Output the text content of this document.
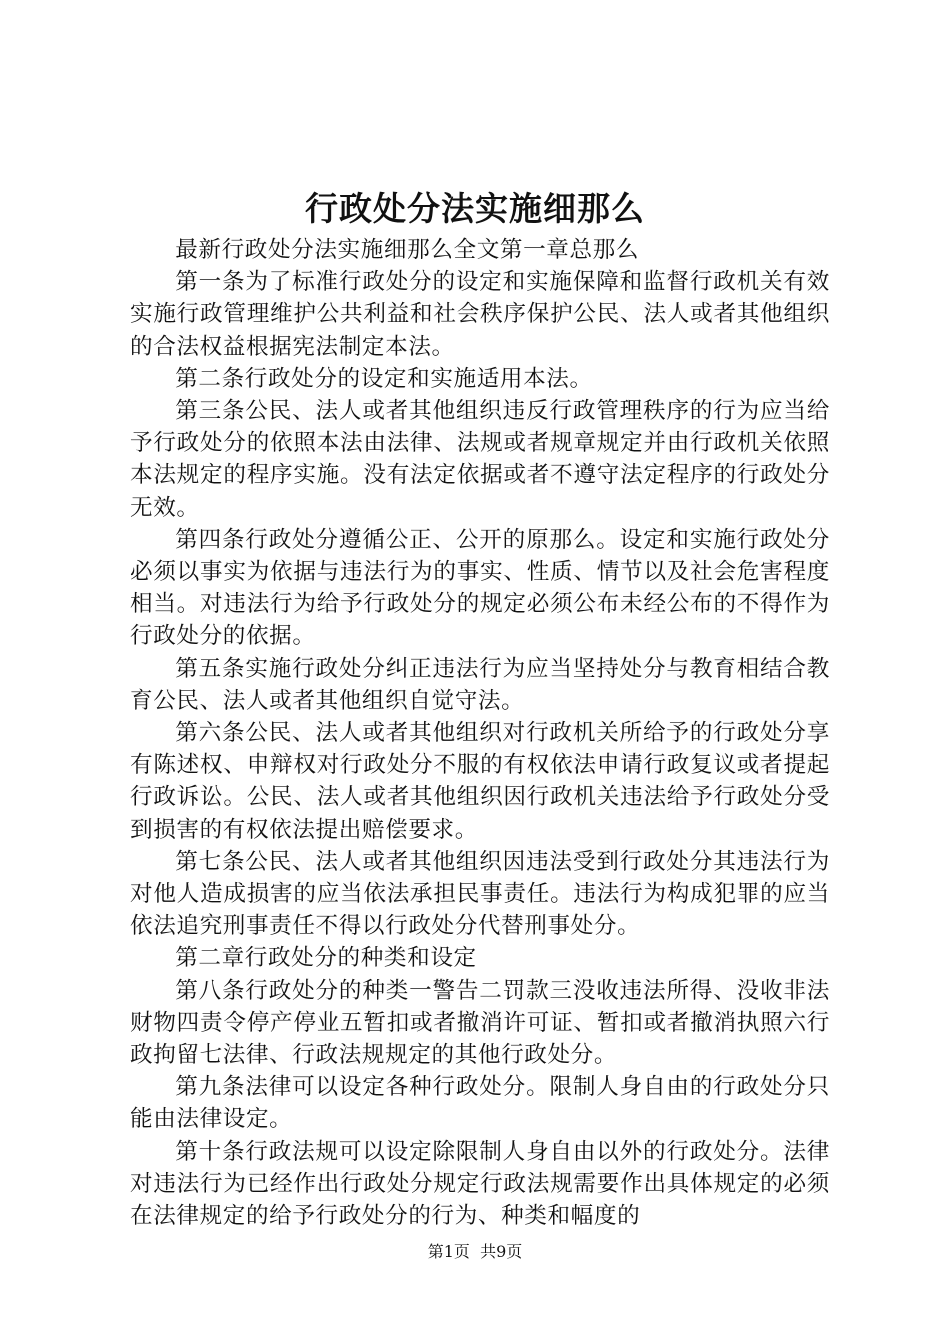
行政处分法实施细那么

最新行政处分法实施细那么全文第一章总那么

第一条为了标准行政处分的设定和实施保障和监督行政机关有效实施行政管理维护公共利益和社会秩序保护公民、法人或者其他组织的合法权益根据宪法制定本法。

第二条行政处分的设定和实施适用本法。

第三条公民、法人或者其他组织违反行政管理秩序的行为应当给予行政处分的依照本法由法律、法规或者规章规定并由行政机关依照本法规定的程序实施。没有法定依据或者不遵守法定程序的行政处分无效。

第四条行政处分遵循公正、公开的原那么。设定和实施行政处分必须以事实为依据与违法行为的事实、性质、情节以及社会危害程度相当。对违法行为给予行政处分的规定必须公布未经公布的不得作为行政处分的依据。

第五条实施行政处分纠正违法行为应当坚持处分与教育相结合教育公民、法人或者其他组织自觉守法。

第六条公民、法人或者其他组织对行政机关所给予的行政处分享有陈述权、申辩权对行政处分不服的有权依法申请行政复议或者提起行政诉讼。公民、法人或者其他组织因行政机关违法给予行政处分受到损害的有权依法提出赔偿要求。

第七条公民、法人或者其他组织因违法受到行政处分其违法行为对他人造成损害的应当依法承担民事责任。违法行为构成犯罪的应当依法追究刑事责任不得以行政处分代替刑事处分。

第二章行政处分的种类和设定

第八条行政处分的种类一警告二罚款三没收违法所得、没收非法财物四责令停产停业五暂扣或者撤消许可证、暂扣或者撤消执照六行政拘留七法律、行政法规规定的其他行政处分。

第九条法律可以设定各种行政处分。限制人身自由的行政处分只能由法律设定。

第十条行政法规可以设定除限制人身自由以外的行政处分。法律对违法行为已经作出行政处分规定行政法规需要作出具体规定的必须在法律规定的给予行政处分的行为、种类和幅度的

第1页 共9页
